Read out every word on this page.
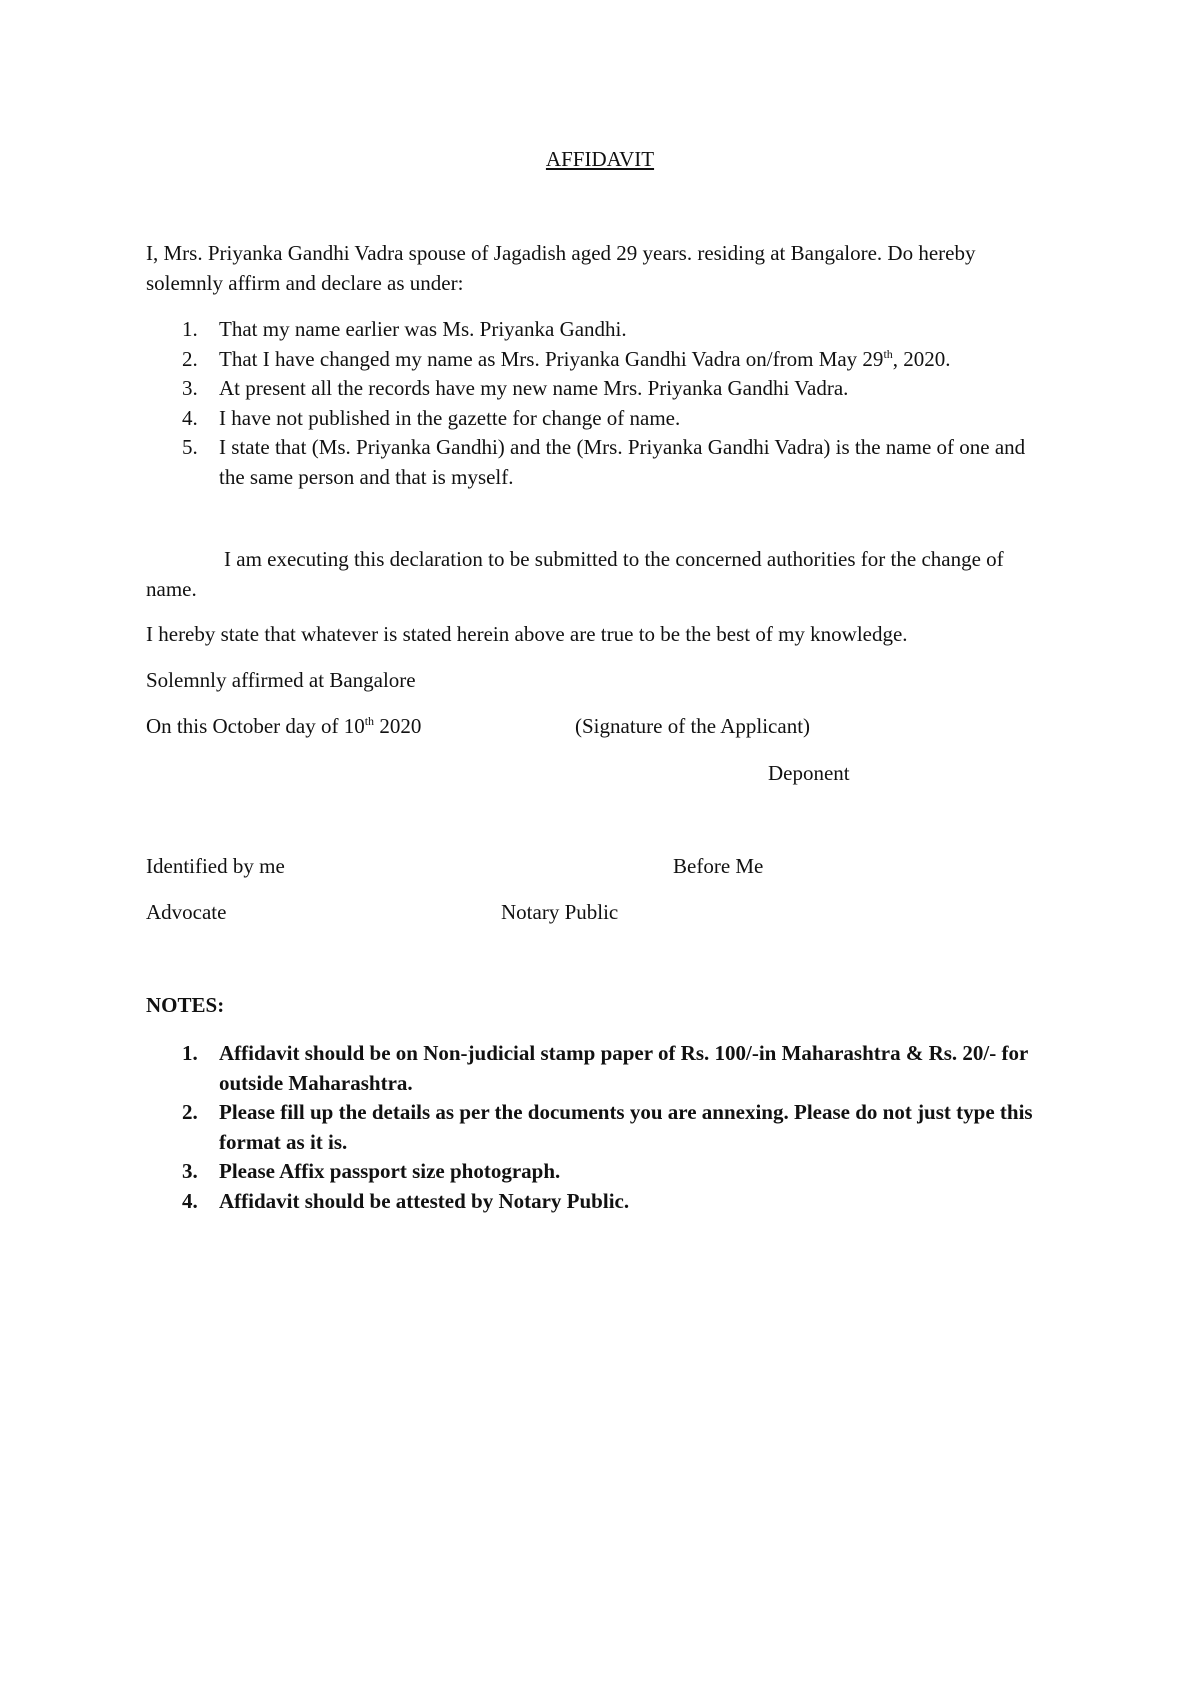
AFFIDAVIT
I, Mrs. Priyanka Gandhi Vadra spouse of Jagadish aged 29 years. residing at Bangalore. Do hereby solemnly affirm and declare as under:
1. That my name earlier was Ms. Priyanka Gandhi.
2. That I have changed my name as Mrs. Priyanka Gandhi Vadra on/from May 29th, 2020.
3. At present all the records have my new name Mrs. Priyanka Gandhi Vadra.
4. I have not published in the gazette for change of name.
5. I state that (Ms. Priyanka Gandhi) and the (Mrs. Priyanka Gandhi Vadra) is the name of one and the same person and that is myself.
I am executing this declaration to be submitted to the concerned authorities for the change of name.
I hereby state that whatever is stated herein above are true to be the best of my knowledge.
Solemnly affirmed at Bangalore
On this October day of 10th 2020	(Signature of the Applicant)
Deponent
Identified by me	Before Me
Advocate	Notary Public
NOTES:
1. Affidavit should be on Non-judicial stamp paper of Rs. 100/-in Maharashtra & Rs. 20/- for outside Maharashtra.
2. Please fill up the details as per the documents you are annexing. Please do not just type this format as it is.
3. Please Affix passport size photograph.
4. Affidavit should be attested by Notary Public.
